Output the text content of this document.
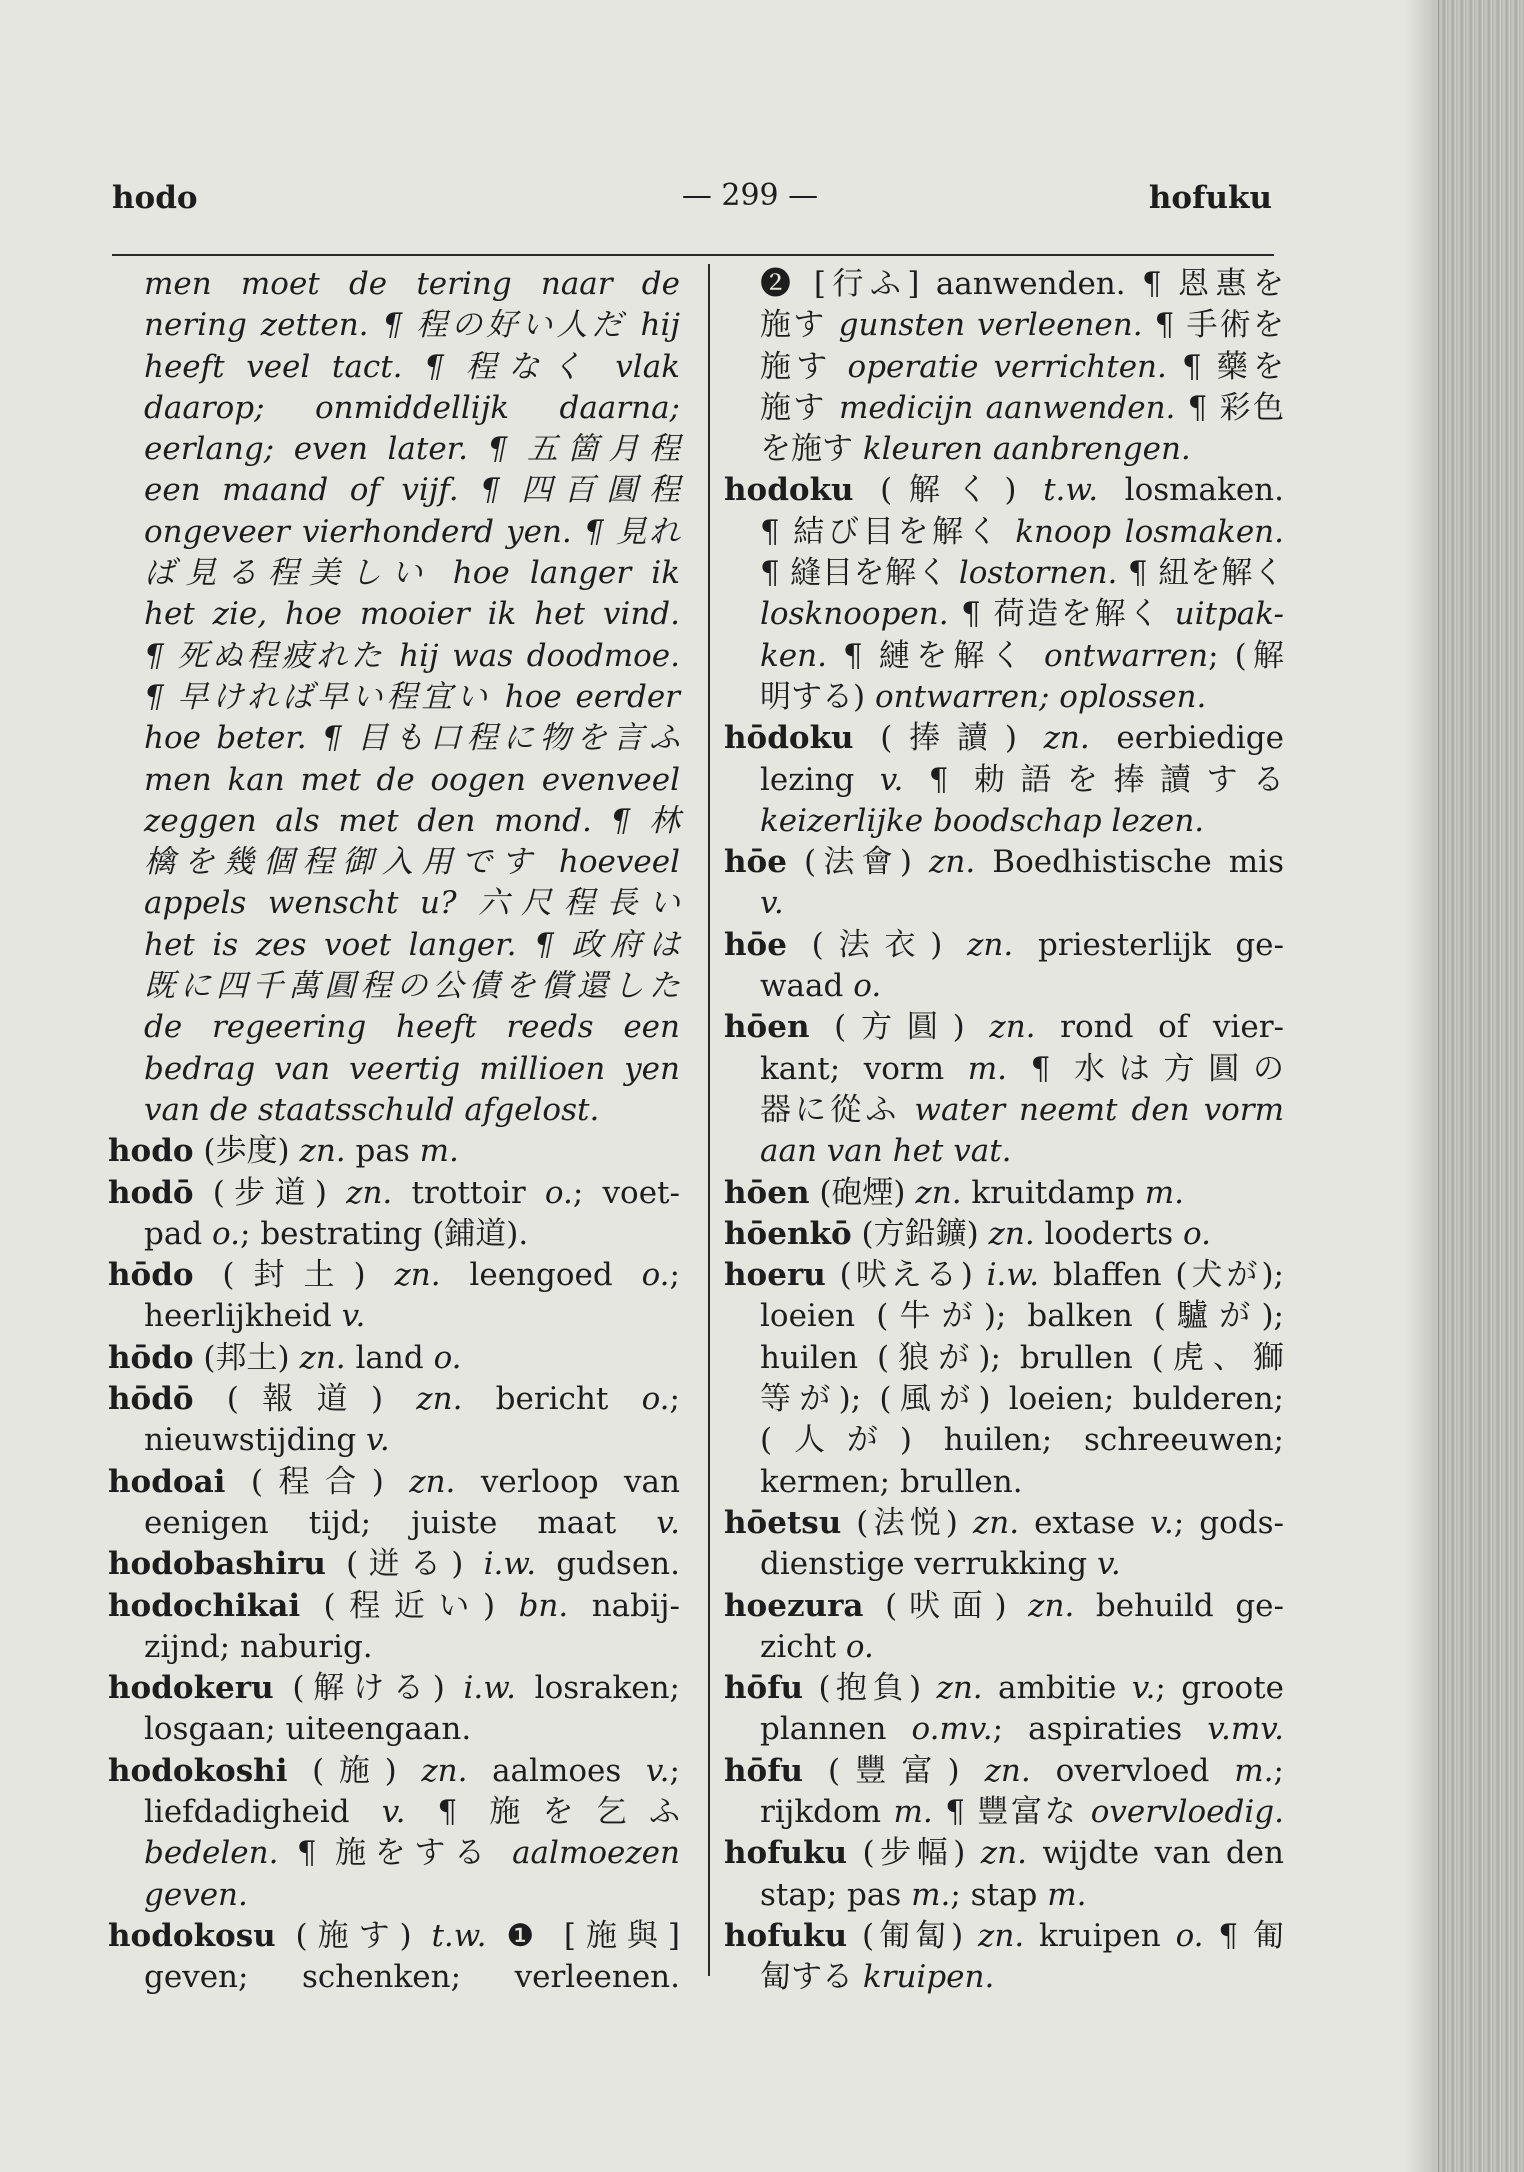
hodo	— 299 —	hofuku
men moet de tering naar de
nering zetten. ¶ 程の好い人だ hij
heeft veel tact. ¶ 程なく vlak
daarop; onmiddellijk daarna;
eerlang; even later. ¶ 五箇月程
een maand of vijf. ¶ 四百圓程
ongeveer vierhonderd yen. ¶ 見れ
ば見る程美しい hoe langer ik
het zie, hoe mooier ik het vind.
¶ 死ぬ程疲れた hij was doodmoe.
¶ 早ければ早い程宜い hoe eerder
hoe beter. ¶ 目も口程に物を言ふ
men kan met de oogen evenveel
zeggen als met den mond. ¶ 林
檎を幾個程御入用です hoeveel
appels wenscht u? 六尺程長い
het is zes voet langer. ¶ 政府は
既に四千萬圓程の公債を償還した
de regeering heeft reeds een
bedrag van veertig millioen yen
van de staatsschuld afgelost.
hodo (歩度) zn. pas m.
hodō (步道) zn. trottoir o.; voet-
pad o.; bestrating (鋪道).
hōdo (封土) zn. leengoed o.;
heerlijkheid v.
hōdo (邦土) zn. land o.
hōdō (報道) zn. bericht o.;
nieuwstijding v.
hodoai (程合) zn. verloop van
eenigen tijd; juiste maat v.
hodobashiru (迸る) i.w. gudsen.
hodochikai (程近い) bn. nabij-
zijnd; naburig.
hodokeru (解ける) i.w. losraken;
losgaan; uiteengaan.
hodokoshi (施) zn. aalmoes v.;
liefdadigheid v. ¶ 施を乞ふ
bedelen. ¶ 施をする aalmoezen
geven.
hodokosu (施す) t.w. ❶ [施與]
geven; schenken; verleenen.
❷ [行ふ] aanwenden. ¶ 恩惠を
施す gunsten verleenen. ¶ 手術を
施す operatie verrichten. ¶ 藥を
施す medicijn aanwenden. ¶ 彩色
を施す kleuren aanbrengen.
hodoku (解く) t.w. losmaken.
¶ 結び目を解く knoop losmaken.
¶ 縫目を解く lostornen. ¶ 紐を解く
losknoopen. ¶ 荷造を解く uitpak-
ken. ¶ 縺を解く ontwarren; (解
明する) ontwarren; oplossen.
hōdoku (捧讀) zn. eerbiedige
lezing v. ¶ 勅語を捧讀する
keizerlijke boodschap lezen.
hōe (法會) zn. Boedhistische mis
v.
hōe (法衣) zn. priesterlijk ge-
waad o.
hōen (方圓) zn. rond of vier-
kant; vorm m. ¶ 水は方圓の
器に從ふ water neemt den vorm
aan van het vat.
hōen (砲煙) zn. kruitdamp m.
hōenkō (方鉛鑛) zn. looderts o.
hoeru (吠える) i.w. blaffen (犬が);
loeien (牛が); balken (驢が);
huilen (狼が); brullen (虎、獅
等が); (風が) loeien; bulderen;
(人が) huilen; schreeuwen;
kermen; brullen.
hōetsu (法悦) zn. extase v.; gods-
dienstige verrukking v.
hoezura (吠面) zn. behuild ge-
zicht o.
hōfu (抱負) zn. ambitie v.; groote
plannen o.mv.; aspiraties v.mv.
hōfu (豐富) zn. overvloed m.;
rijkdom m. ¶ 豐富な overvloedig.
hofuku (步幅) zn. wijdte van den
stap; pas m.; stap m.
hofuku (匍匐) zn. kruipen o. ¶ 匍
匐する kruipen.
